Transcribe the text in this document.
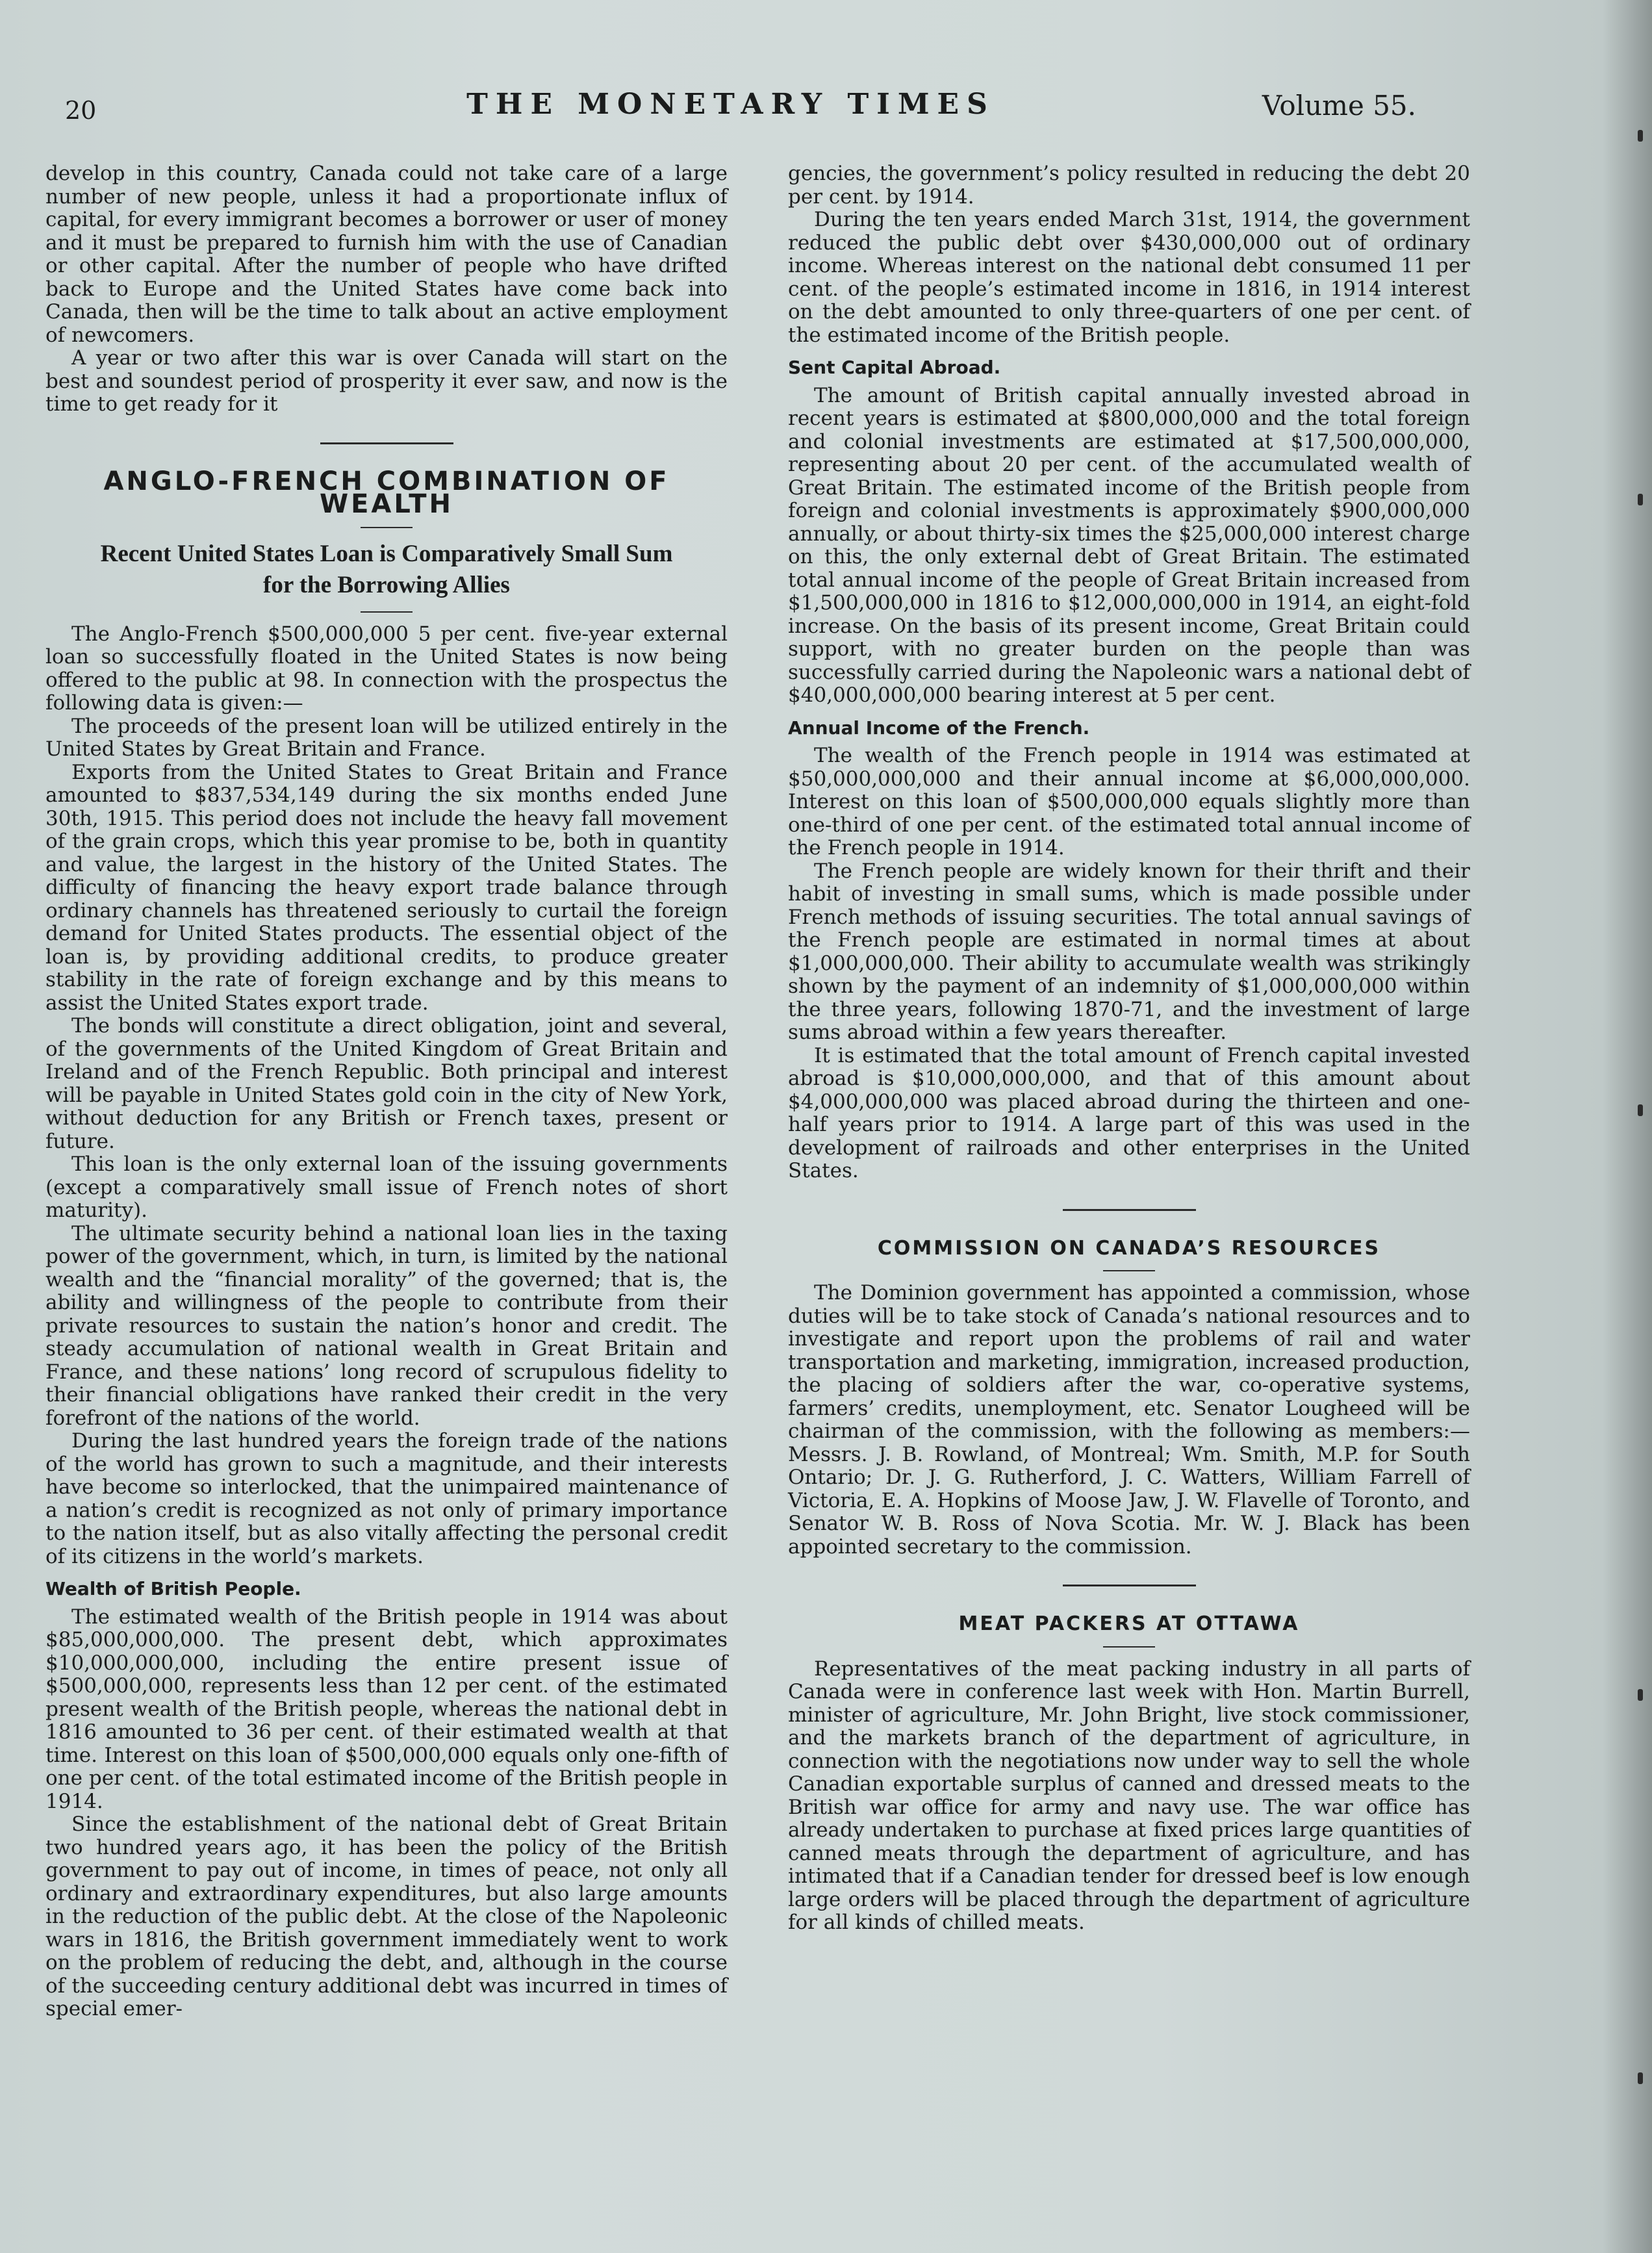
20	THE MONETARY TIMES	Volume 55.

develop in this country, Canada could not take care of a large number of new people, unless it had a proportionate influx of capital, for every immigrant becomes a borrower or user of money and it must be prepared to furnish him with the use of Canadian or other capital. After the number of people who have drifted back to Europe and the United States have come back into Canada, then will be the time to talk about an active employment of newcomers.

A year or two after this war is over Canada will start on the best and soundest period of prosperity it ever saw, and now is the time to get ready for it

ANGLO-FRENCH COMBINATION OF WEALTH
Recent United States Loan is Comparatively Small Sum for the Borrowing Allies

The Anglo-French $500,000,000 5 per cent. five-year external loan so successfully floated in the United States is now being offered to the public at 98. In connection with the prospectus the following data is given:—

The proceeds of the present loan will be utilized entirely in the United States by Great Britain and France.

Exports from the United States to Great Britain and France amounted to $837,534,149 during the six months ended June 30th, 1915. This period does not include the heavy fall movement of the grain crops, which this year promise to be, both in quantity and value, the largest in the history of the United States. The difficulty of financing the heavy export trade balance through ordinary channels has threatened seriously to curtail the foreign demand for United States products. The essential object of the loan is, by providing additional credits, to produce greater stability in the rate of foreign exchange and by this means to assist the United States export trade.

The bonds will constitute a direct obligation, joint and several, of the governments of the United Kingdom of Great Britain and Ireland and of the French Republic. Both principal and interest will be payable in United States gold coin in the city of New York, without deduction for any British or French taxes, present or future.

This loan is the only external loan of the issuing governments (except a comparatively small issue of French notes of short maturity).

The ultimate security behind a national loan lies in the taxing power of the government, which, in turn, is limited by the national wealth and the “financial morality” of the governed; that is, the ability and willingness of the people to contribute from their private resources to sustain the nation’s honor and credit. The steady accumulation of national wealth in Great Britain and France, and these nations’ long record of scrupulous fidelity to their financial obligations have ranked their credit in the very forefront of the nations of the world.

During the last hundred years the foreign trade of the nations of the world has grown to such a magnitude, and their interests have become so interlocked, that the unimpaired maintenance of a nation’s credit is recognized as not only of primary importance to the nation itself, but as also vitally affecting the personal credit of its citizens in the world’s markets.

Wealth of British People.

The estimated wealth of the British people in 1914 was about $85,000,000,000. The present debt, which approximates $10,000,000,000, including the entire present issue of $500,000,000, represents less than 12 per cent. of the estimated present wealth of the British people, whereas the national debt in 1816 amounted to 36 per cent. of their estimated wealth at that time. Interest on this loan of $500,000,000 equals only one-fifth of one per cent. of the total estimated income of the British people in 1914.

Since the establishment of the national debt of Great Britain two hundred years ago, it has been the policy of the British government to pay out of income, in times of peace, not only all ordinary and extraordinary expenditures, but also large amounts in the reduction of the public debt. At the close of the Napoleonic wars in 1816, the British government immediately went to work on the problem of reducing the debt, and, although in the course of the succeeding century additional debt was incurred in times of special emer-

gencies, the government’s policy resulted in reducing the debt 20 per cent. by 1914.

During the ten years ended March 31st, 1914, the government reduced the public debt over $430,000,000 out of ordinary income. Whereas interest on the national debt consumed 11 per cent. of the people’s estimated income in 1816, in 1914 interest on the debt amounted to only three-quarters of one per cent. of the estimated income of the British people.

Sent Capital Abroad.

The amount of British capital annually invested abroad in recent years is estimated at $800,000,000 and the total foreign and colonial investments are estimated at $17,500,000,000, representing about 20 per cent. of the accumulated wealth of Great Britain. The estimated income of the British people from foreign and colonial investments is approximately $900,000,000 annually, or about thirty-six times the $25,000,000 interest charge on this, the only external debt of Great Britain. The estimated total annual income of the people of Great Britain increased from $1,500,000,000 in 1816 to $12,000,000,000 in 1914, an eight-fold increase. On the basis of its present income, Great Britain could support, with no greater burden on the people than was successfully carried during the Napoleonic wars a national debt of $40,000,000,000 bearing interest at 5 per cent.

Annual Income of the French.

The wealth of the French people in 1914 was estimated at $50,000,000,000 and their annual income at $6,000,000,000. Interest on this loan of $500,000,000 equals slightly more than one-third of one per cent. of the estimated total annual income of the French people in 1914.

The French people are widely known for their thrift and their habit of investing in small sums, which is made possible under French methods of issuing securities. The total annual savings of the French people are estimated in normal times at about $1,000,000,000. Their ability to accumulate wealth was strikingly shown by the payment of an indemnity of $1,000,000,000 within the three years, following 1870-71, and the investment of large sums abroad within a few years thereafter.

It is estimated that the total amount of French capital invested abroad is $10,000,000,000, and that of this amount about $4,000,000,000 was placed abroad during the thirteen and one-half years prior to 1914. A large part of this was used in the development of railroads and other enterprises in the United States.

COMMISSION ON CANADA’S RESOURCES

The Dominion government has appointed a commission, whose duties will be to take stock of Canada’s national resources and to investigate and report upon the problems of rail and water transportation and marketing, immigration, increased production, the placing of soldiers after the war, co-operative systems, farmers’ credits, unemployment, etc. Senator Lougheed will be chairman of the commission, with the following as members:—Messrs. J. B. Rowland, of Montreal; Wm. Smith, M.P. for South Ontario; Dr. J. G. Rutherford, J. C. Watters, William Farrell of Victoria, E. A. Hopkins of Moose Jaw, J. W. Flavelle of Toronto, and Senator W. B. Ross of Nova Scotia. Mr. W. J. Black has been appointed secretary to the commission.

MEAT PACKERS AT OTTAWA

Representatives of the meat packing industry in all parts of Canada were in conference last week with Hon. Martin Burrell, minister of agriculture, Mr. John Bright, live stock commissioner, and the markets branch of the department of agriculture, in connection with the negotiations now under way to sell the whole Canadian exportable surplus of canned and dressed meats to the British war office for army and navy use. The war office has already undertaken to purchase at fixed prices large quantities of canned meats through the department of agriculture, and has intimated that if a Canadian tender for dressed beef is low enough large orders will be placed through the department of agriculture for all kinds of chilled meats.
